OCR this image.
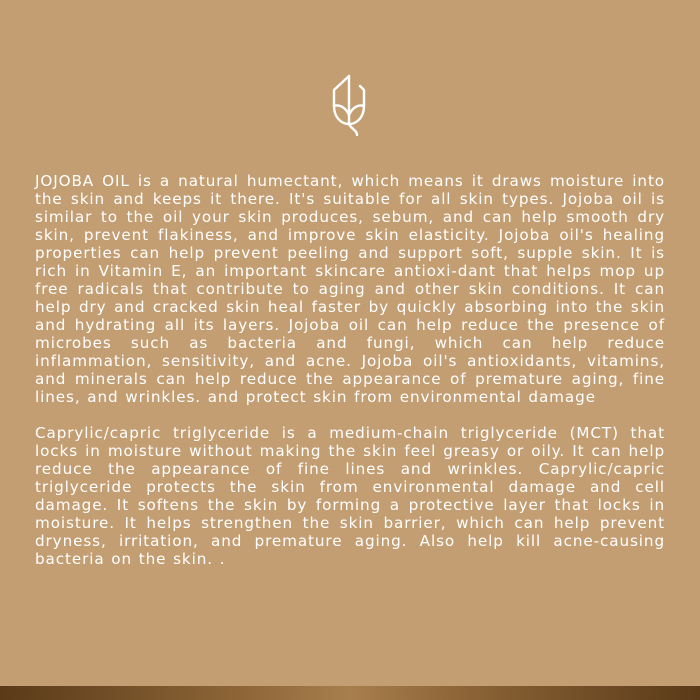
JOJOBA OIL is a natural humectant, which means it draws moisture into the skin and keeps it there. It's suitable for all skin types. Jojoba oil is similar to the oil your skin produces, sebum, and can help smooth dry skin, prevent flakiness, and improve skin elasticity. Jojoba oil's healing properties can help prevent peeling and support soft, supple skin. It is rich in Vitamin E, an important skincare antioxi-dant that helps mop up free radicals that contribute to aging and other skin conditions. It can help dry and cracked skin heal faster by quickly absorbing into the skin and hydrating all its layers. Jojoba oil can help reduce the presence of microbes such as bacteria and fungi, which can help reduce inflammation, sensitivity, and acne. Jojoba oil's antioxidants, vitamins, and minerals can help reduce the appearance of premature aging, fine lines, and wrinkles. and protect skin from environmental damage

Caprylic/capric triglyceride is a medium-chain triglyceride (MCT) that locks in moisture without making the skin feel greasy or oily. It can help reduce the appearance of fine lines and wrinkles. Caprylic/capric triglyceride protects the skin from environmental damage and cell damage. It softens the skin by forming a protective layer that locks in moisture. It helps strengthen the skin barrier, which can help prevent dryness, irritation, and premature aging. Also help kill acne-causing bacteria on the skin. .
